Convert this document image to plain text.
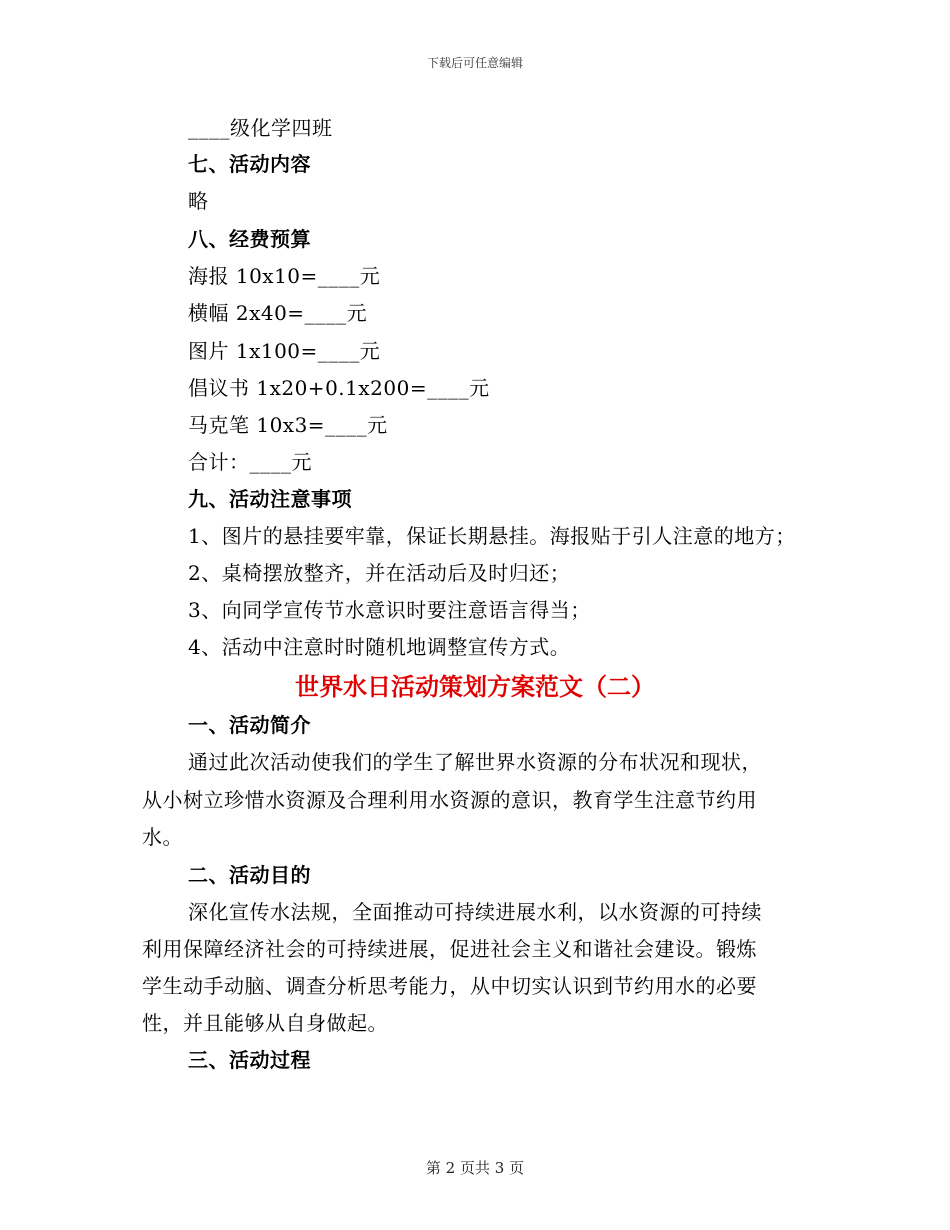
下载后可任意编辑
____级化学四班
七、活动内容
略
八、经费预算
海报 10x10=____元
横幅 2x40=____元
图片 1x100=____元
倡议书 1x20+0.1x200=____元
马克笔 10x3=____元
合计：____元
九、活动注意事项
1、图片的悬挂要牢靠，保证长期悬挂。海报贴于引人注意的地方；
2、桌椅摆放整齐，并在活动后及时归还；
3、向同学宣传节水意识时要注意语言得当；
4、活动中注意时时随机地调整宣传方式。
世界水日活动策划方案范文（二）
一、活动简介
通过此次活动使我们的学生了解世界水资源的分布状况和现状，
从小树立珍惜水资源及合理利用水资源的意识，教育学生注意节约用
水。
二、活动目的
深化宣传水法规，全面推动可持续进展水利，以水资源的可持续
利用保障经济社会的可持续进展，促进社会主义和谐社会建设。锻炼
学生动手动脑、调查分析思考能力，从中切实认识到节约用水的必要
性，并且能够从自身做起。
三、活动过程
第 2 页共 3 页
